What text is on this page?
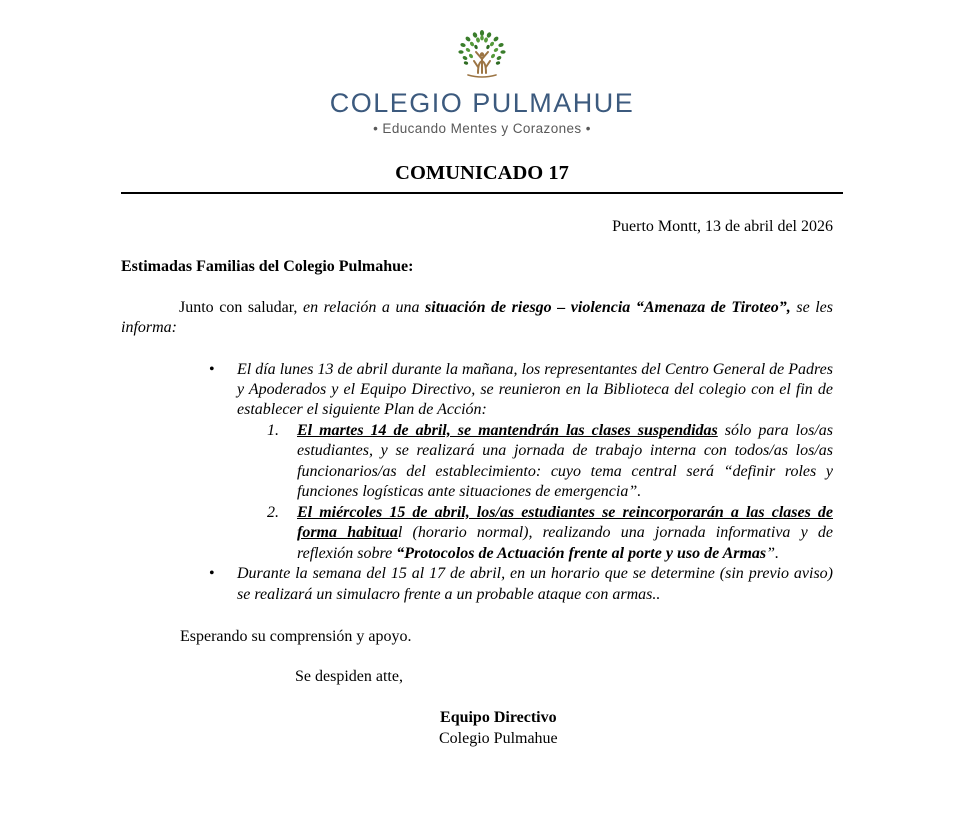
COLEGIO PULMAHUE
• Educando Mentes y Corazones •
COMUNICADO 17
Puerto Montt, 13 de abril del 2026

Estimadas Familias del Colegio Pulmahue:

Junto con saludar, en relación a una situación de riesgo – violencia “Amenaza de Tiroteo”, se les informa:

•	El día lunes 13 de abril durante la mañana, los representantes del Centro General de Padres y Apoderados y el Equipo Directivo, se reunieron en la Biblioteca del colegio con el fin de establecer el siguiente Plan de Acción:
1.	El martes 14 de abril, se mantendrán las clases suspendidas sólo para los/as estudiantes, y se realizará una jornada de trabajo interna con todos/as los/as funcionarios/as del establecimiento: cuyo tema central será “definir roles y funciones logísticas ante situaciones de emergencia”.
2.	El miércoles 15 de abril, los/as estudiantes se reincorporarán a las clases de forma habitual (horario normal), realizando una jornada informativa y de reflexión sobre “Protocolos de Actuación frente al porte y uso de Armas”.
•	Durante la semana del 15 al 17 de abril, en un horario que se determine (sin previo aviso) se realizará un simulacro frente a un probable ataque con armas..

Esperando su comprensión y apoyo.

Se despiden atte,

Equipo Directivo
Colegio Pulmahue
